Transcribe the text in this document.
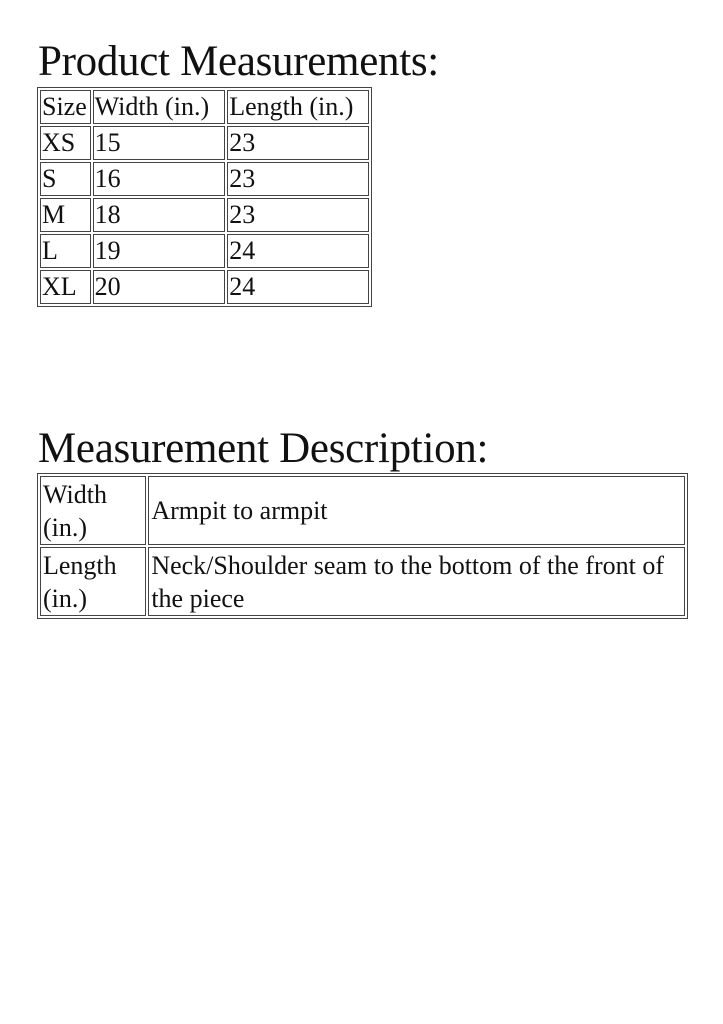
Product Measurements:
Size	Width (in.)	Length (in.)
XS	15	23
S	16	23
M	18	23
L	19	24
XL	20	24
Measurement Description:
Width (in.)	Armpit to armpit
Length (in.)	Neck/Shoulder seam to the bottom of the front of the piece
